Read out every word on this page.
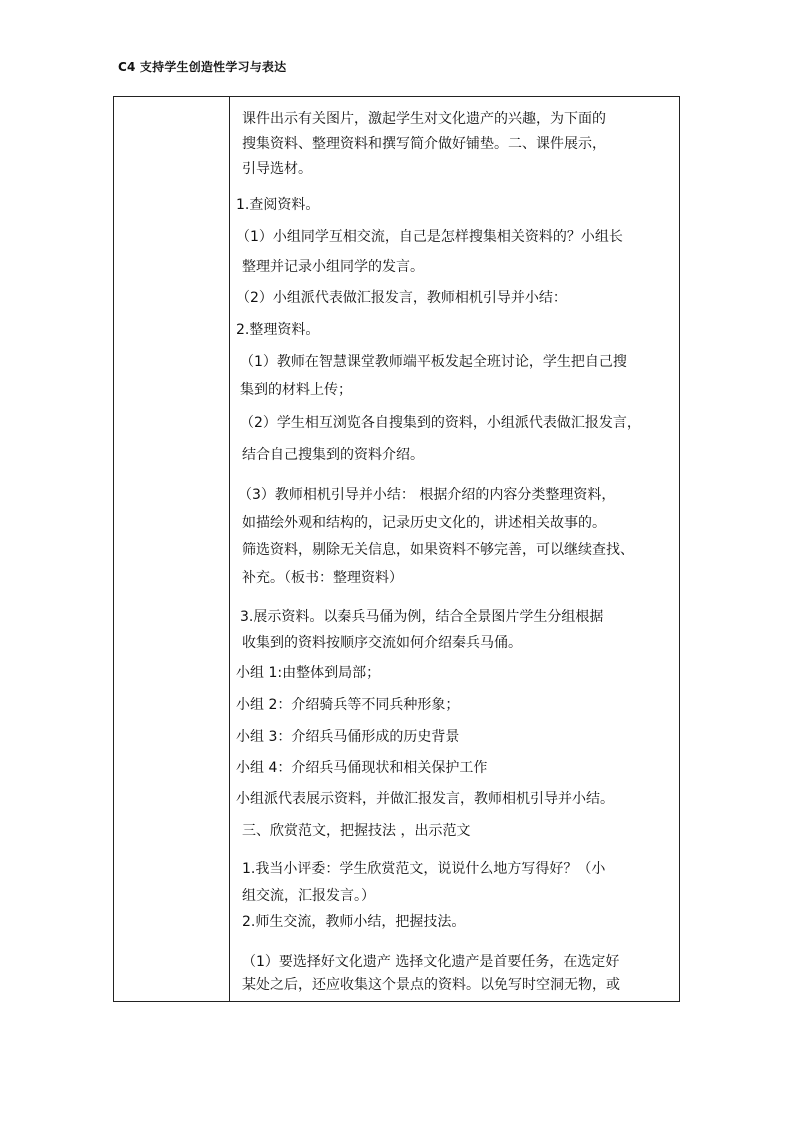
C4 支持学生创造性学习与表达
课件出示有关图片，激起学生对文化遗产的兴趣，为下面的
搜集资料、整理资料和撰写简介做好铺垫。二、课件展示，
引导选材。
1.查阅资料。
（1）小组同学互相交流，自己是怎样搜集相关资料的？小组长
整理并记录小组同学的发言。
（2）小组派代表做汇报发言，教师相机引导并小结：
2.整理资料。
（1）教师在智慧课堂教师端平板发起全班讨论，学生把自己搜
集到的材料上传；
（2）学生相互浏览各自搜集到的资料，小组派代表做汇报发言，
结合自己搜集到的资料介绍。
（3）教师相机引导并小结： 根据介绍的内容分类整理资料，
如描绘外观和结构的，记录历史文化的，讲述相关故事的。
筛选资料，剔除无关信息，如果资料不够完善，可以继续查找、
补充。（板书：整理资料）
3.展示资料。以秦兵马俑为例，结合全景图片学生分组根据
收集到的资料按顺序交流如何介绍秦兵马俑。
小组 1:由整体到局部；
小组 2：介绍骑兵等不同兵种形象；
小组 3：介绍兵马俑形成的历史背景
小组 4：介绍兵马俑现状和相关保护工作
小组派代表展示资料，并做汇报发言，教师相机引导并小结。
三、欣赏范文，把握技法 ，出示范文
1.我当小评委：学生欣赏范文，说说什么地方写得好？（小
组交流，汇报发言。）
2.师生交流，教师小结，把握技法。
（1）要选择好文化遗产 选择文化遗产是首要任务，在选定好
某处之后，还应收集这个景点的资料。以免写时空洞无物，或
